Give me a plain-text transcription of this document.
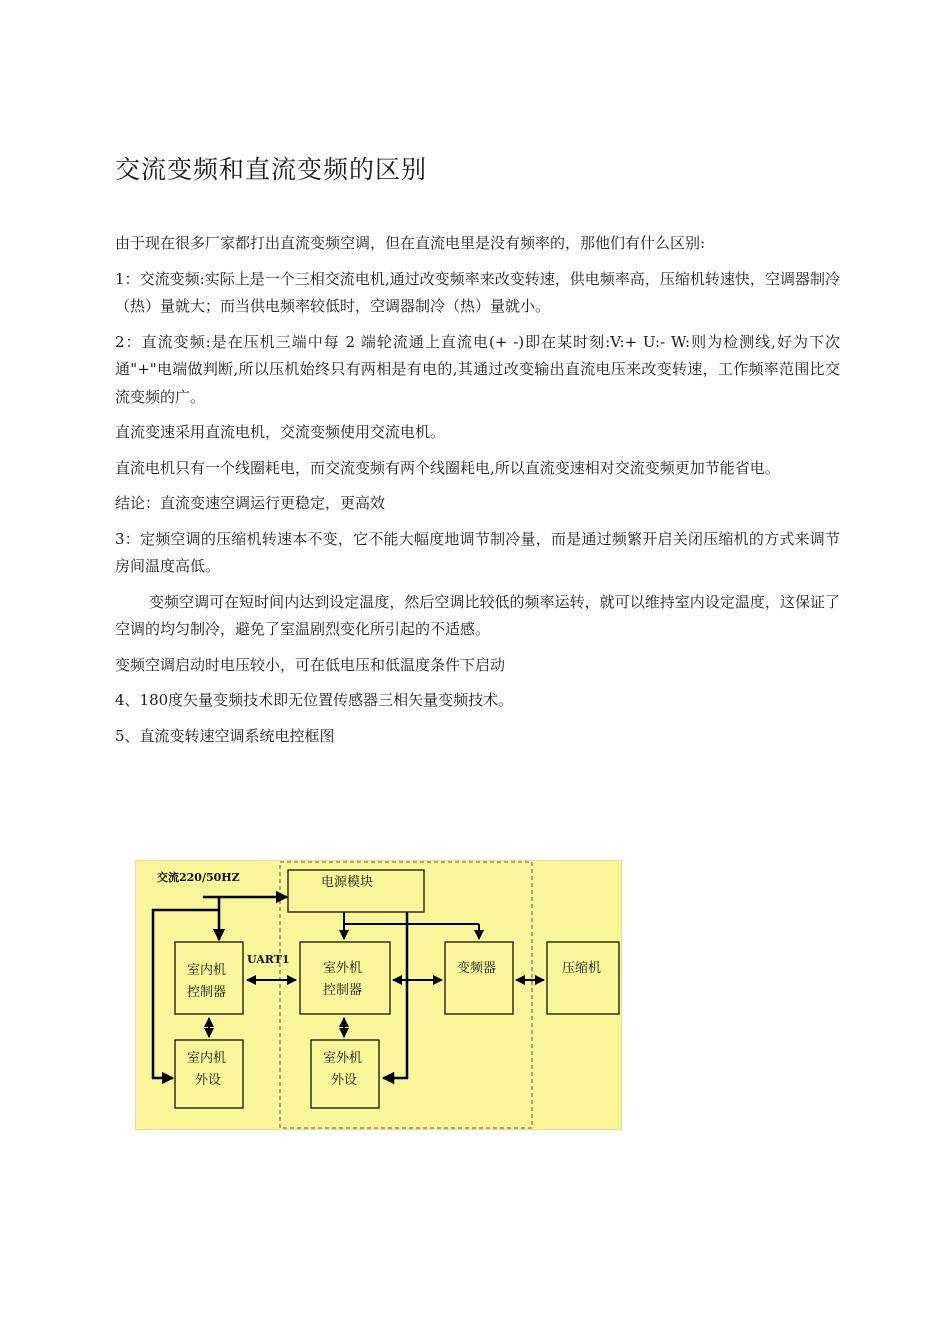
交流变频和直流变频的区别

由于现在很多厂家都打出直流变频空调，但在直流电里是没有频率的，那他们有什么区别:

1：交流变频:实际上是一个三相交流电机,通过改变频率来改变转速，供电频率高，压缩机转速快，空调器制冷（热）量就大；而当供电频率较低时，空调器制冷（热）量就小。

2：直流变频:是在压机三端中每 2 端轮流通上直流电(+ -)即在某时刻:V:+ U:- W:则为检测线,好为下次通"+"电端做判断,所以压机始终只有两相是有电的,其通过改变输出直流电压来改变转速，工作频率范围比交流变频的广。

直流变速采用直流电机，交流变频使用交流电机。

直流电机只有一个线圈耗电，而交流变频有两个线圈耗电,所以直流变速相对交流变频更加节能省电。

结论：直流变速空调运行更稳定，更高效

3：定频空调的压缩机转速本不变，它不能大幅度地调节制冷量，而是通过频繁开启关闭压缩机的方式来调节房间温度高低。

变频空调可在短时间内达到设定温度，然后空调比较低的频率运转，就可以维持室内设定温度，这保证了空调的均匀制冷，避免了室温剧烈变化所引起的不适感。

变频空调启动时电压较小，可在低电压和低温度条件下启动

4、180度矢量变频技术即无位置传感器三相矢量变频技术。

5、直流变转速空调系统电控框图

交流220/50HZ	电源模块
室内机
控制器
室外机
控制器
变频器	压缩机
室内机
外设
室外机
外设
UART1
